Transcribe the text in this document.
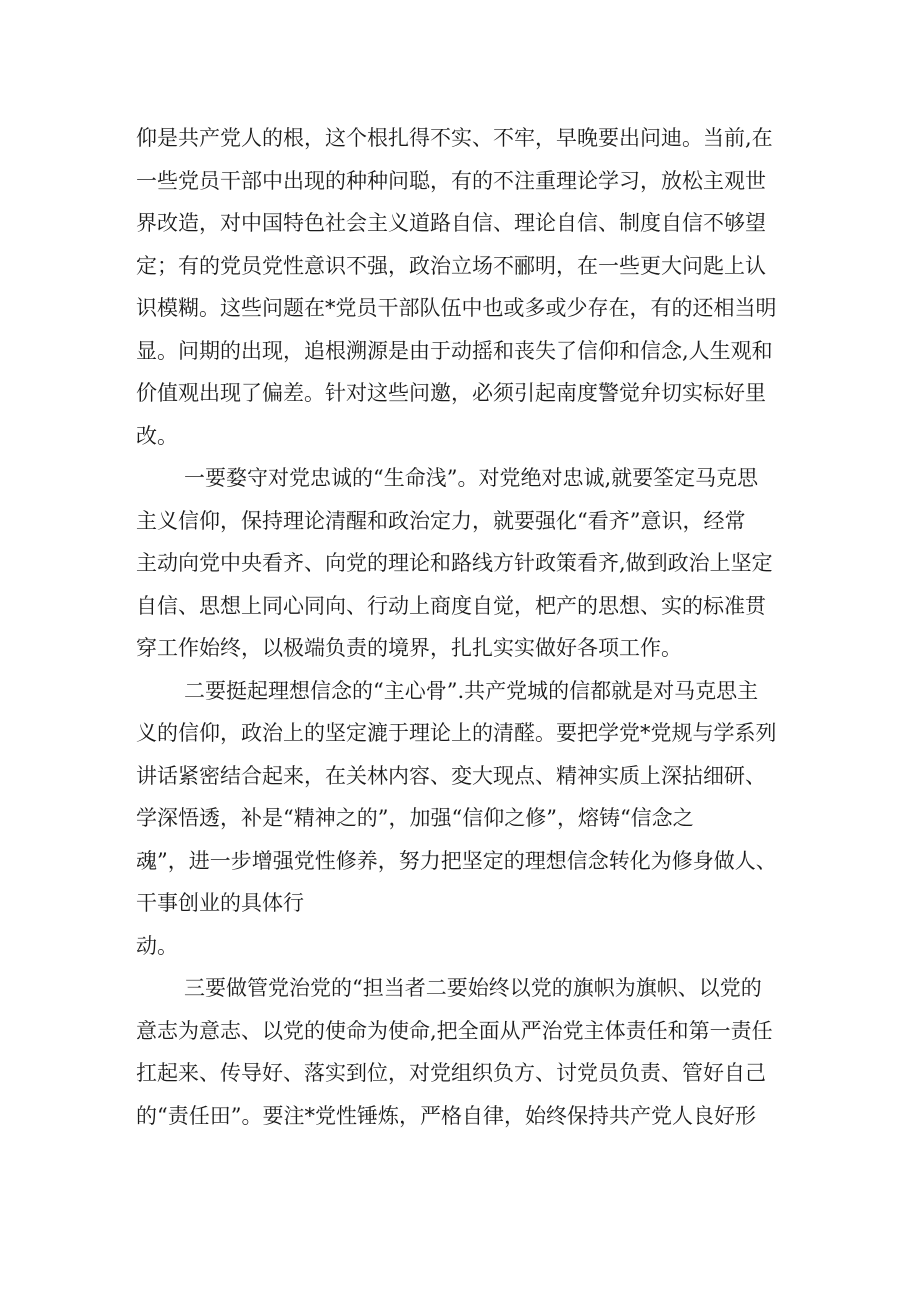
仰是共产党人的根，这个根扎得不实、不牢，早晚要出问迪。当前,在
一些党员干部中出现的种种问聪，有的不注重理论学习，放松主观世
界改造，对中国特色社会主义道路自信、理论自信、制度自信不够望
定；有的党员党性意识不强，政治立场不郦明，在一些更大问匙上认
识模糊。这些问题在*党员干部队伍中也或多或少存在，有的还相当明
显。问期的出现，追根溯源是由于动摇和丧失了信仰和信念,人生观和
价值观出现了偏差。针对这些问邀，必须引起南度警觉弁切实标好里
改。
一要婺守对党忠诚的“生命浅”。对党绝对忠诚,就要筌定马克思
主义信仰，保持理论清醒和政治定力，就要强化“看齐”意识，经常
主动向党中央看齐、向党的理论和路线方针政策看齐,做到政治上坚定
自信、思想上同心同向、行动上商度自觉，杷产的思想、实的标准贯
穿工作始终，以极端负责的境界，扎扎实实做好各项工作。
二要挺起理想信念的“主心骨”.共产党城的信都就是对马克思主
义的信仰，政治上的坚定漉于理论上的清醛。要把学党*党规与学系列
讲话紧密结合起来，在关林内容、変大现点、精神实质上深拈细研、
学深悟透，补是“精神之的”，加强“信仰之修”，熔铸“信念之
魂”，进一步增强党性修养，努力把坚定的理想信念转化为修身做人、
干事创业的具体行
动。
三要做管党治党的“担当者二要始终以党的旗帜为旗帜、以党的
意志为意志、以党的使命为使命,把全面从严治党主体责任和第一责任
扛起来、传导好、落实到位，对党组织负方、讨党员负责、管好自己
的“责任田”。要注*党性锤炼，严格自律，始终保持共产党人良好形
